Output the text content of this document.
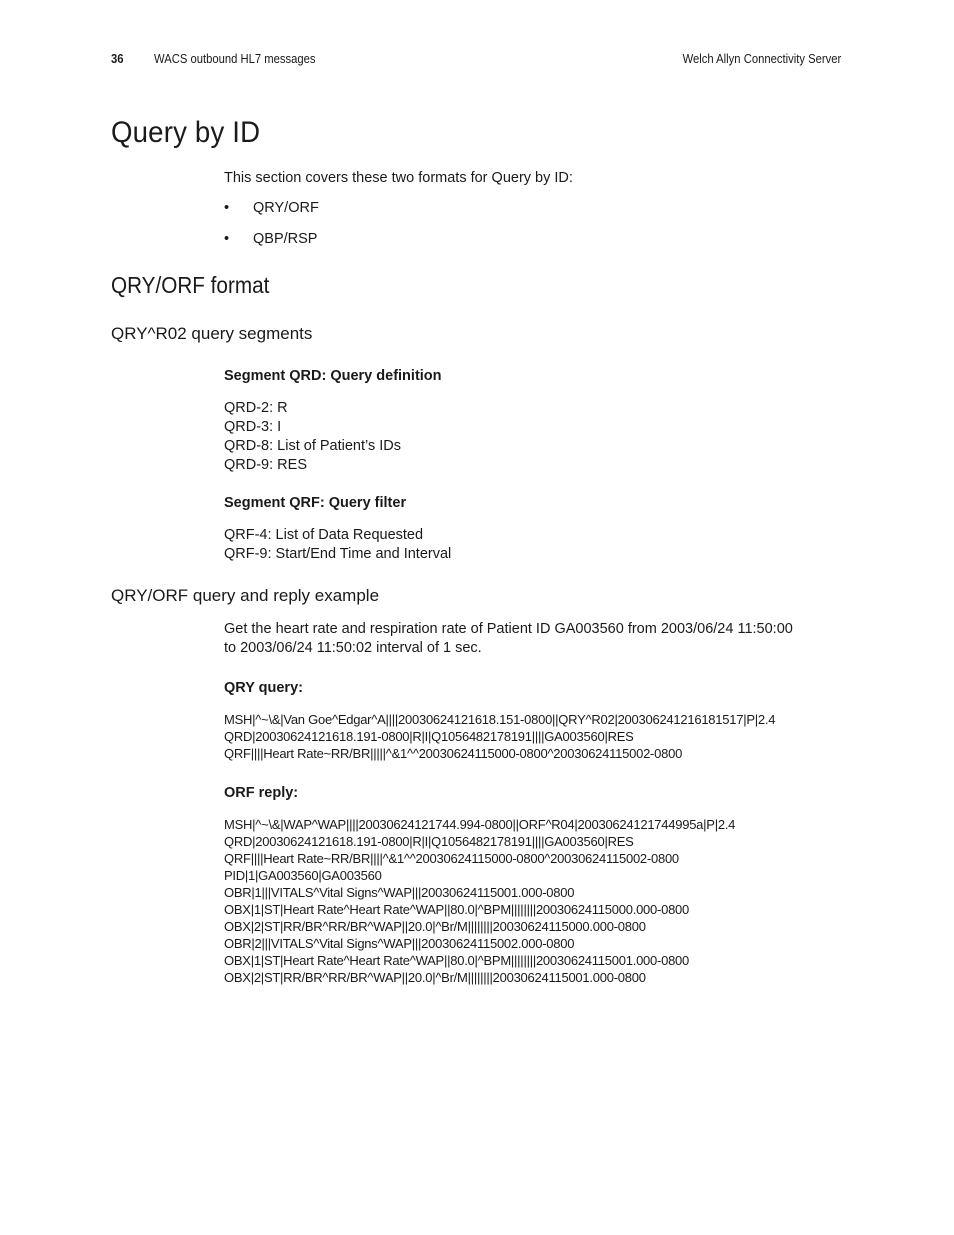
36 WACS outbound HL7 messages	Welch Allyn Connectivity Server
Query by ID

This section covers these two formats for Query by ID:

• QRY/ORF
• QBP/RSP
QRY/ORF format
QRY^R02 query segments

Segment QRD: Query definition

QRD-2: R
QRD-3: I
QRD-8: List of Patient’s IDs
QRD-9: RES

Segment QRF: Query filter

QRF-4: List of Data Requested
QRF-9: Start/End Time and Interval
QRY/ORF query and reply example
Get the heart rate and respiration rate of Patient ID GA003560 from 2003/06/24 11:50:00
to 2003/06/24 11:50:02 interval of 1 sec.

QRY query:

MSH|^~\&|Van Goe^Edgar^A||||20030624121618.151-0800||QRY^R02|200306241216181517|P|2.4
QRD|20030624121618.191-0800|R|I|Q1056482178191||||GA003560|RES
QRF||||Heart Rate~RR/BR|||||^&1^^20030624115000-0800^20030624115002-0800

ORF reply:

MSH|^~\&|WAP^WAP||||20030624121744.994-0800||ORF^R04|20030624121744995a|P|2.4
QRD|20030624121618.191-0800|R|I|Q1056482178191||||GA003560|RES
QRF||||Heart Rate~RR/BR||||^&1^^20030624115000-0800^20030624115002-0800
PID|1|GA003560|GA003560
OBR|1|||VITALS^Vital Signs^WAP|||20030624115001.000-0800
OBX|1|ST|Heart Rate^Heart Rate^WAP||80.0|^BPM||||||||20030624115000.000-0800
OBX|2|ST|RR/BR^RR/BR^WAP||20.0|^Br/M||||||||20030624115000.000-0800
OBR|2|||VITALS^Vital Signs^WAP|||20030624115002.000-0800
OBX|1|ST|Heart Rate^Heart Rate^WAP||80.0|^BPM||||||||20030624115001.000-0800
OBX|2|ST|RR/BR^RR/BR^WAP||20.0|^Br/M||||||||20030624115001.000-0800
